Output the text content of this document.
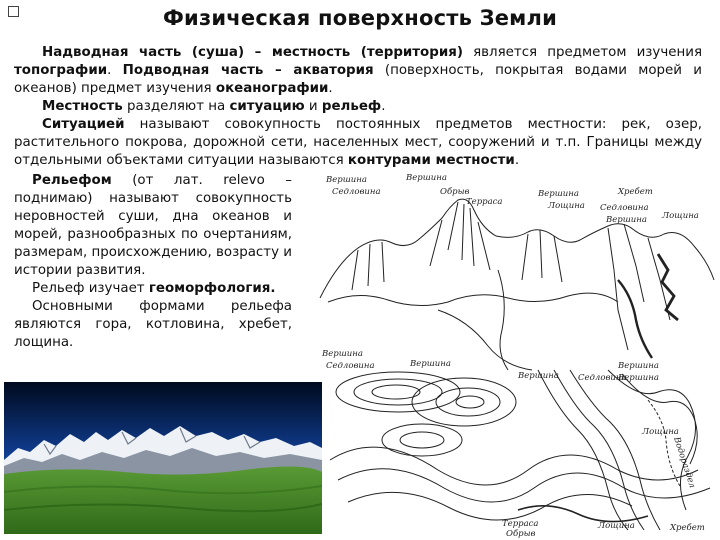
Физическая поверхность Земли

Надводная часть (суша) – местность (территория) является предметом изучения топографии. Подводная часть – акватория (поверхность, покрытая водами морей и океанов) предмет изучения океанографии.

Местность разделяют на ситуацию и рельеф.

Ситуацией называют совокупность постоянных предметов местности: рек, озер, растительного покрова, дорожной сети, населенных мест, сооружений и т.п. Границы между отдельными объектами ситуации называются контурами местности.

Рельефом (от лат. relevo – поднимаю) называют совокупность неровностей суши, дна океанов и морей, разнообразных по очертаниям, размерам, происхождению, возрасту и истории развития.

Рельеф изучает геоморфология.

Основными формами рельефа являются гора, котловина, хребет, лощина.

Вершина
Седловина
Вершина
Обрыв
Терраса
Вершина
Лощина
Хребет
Вершина
Седловина
Лощина
Вершина
Седловина	Вершина
Вершина Седловина
Вершина
Вершина
Лощина
Водораздел
Терраса
Обрыв
Лощина	Хребет
